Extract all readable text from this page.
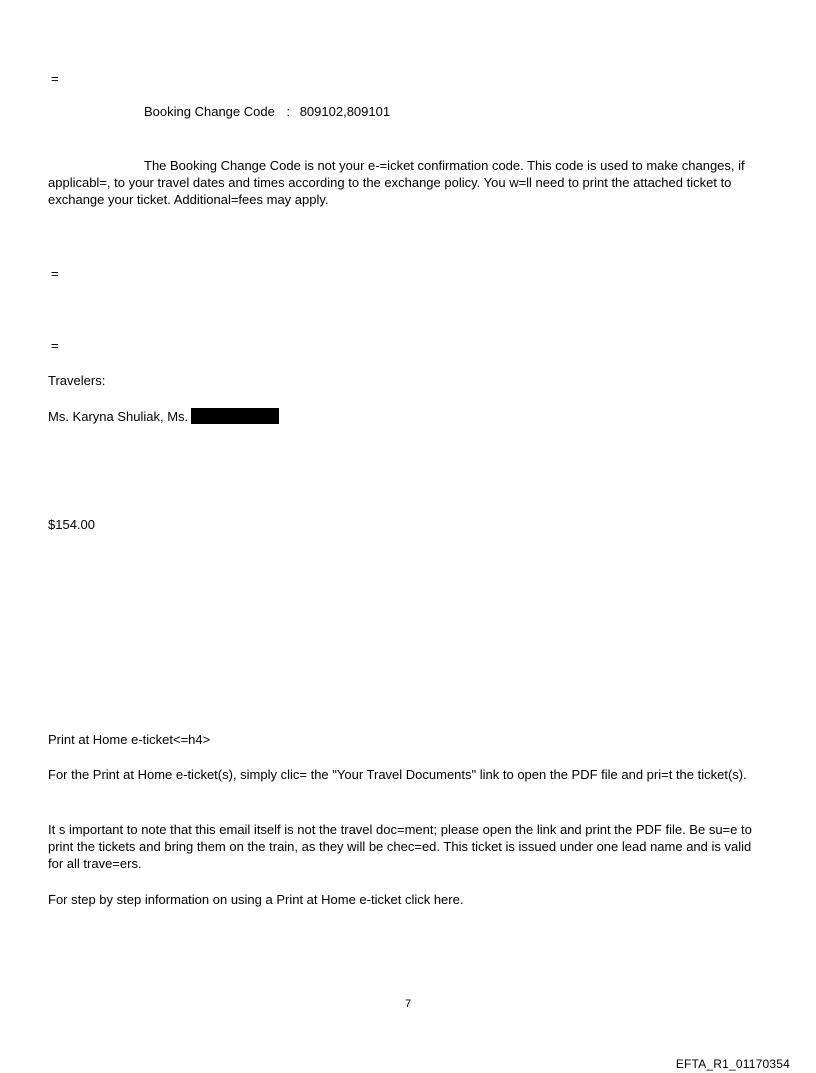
=
Booking Change Code : 809102,809101
The Booking Change Code is not your e-=icket confirmation code. This code is used to make changes, if
applicabl=, to your travel dates and times according to the exchange policy. You w=ll need to print the attached ticket to exchange your ticket. Additional=fees may apply.
=
=
Travelers:
Ms. Karyna Shuliak, Ms.
$154.00
Print at Home e-ticket<=h4>
For the Print at Home e-ticket(s), simply clic= the "Your Travel Documents" link to open the PDF file and pri=t the ticket(s).
It s important to note that this email itself is not the travel doc=ment; please open the link and print the PDF file. Be su=e to print the tickets and bring them on the train, as they will be chec=ed. This ticket is issued under one lead name and is valid for all trave=ers.
For step by step information on using a Print at Home e-ticket click here.
7
EFTA_R1_01170354
